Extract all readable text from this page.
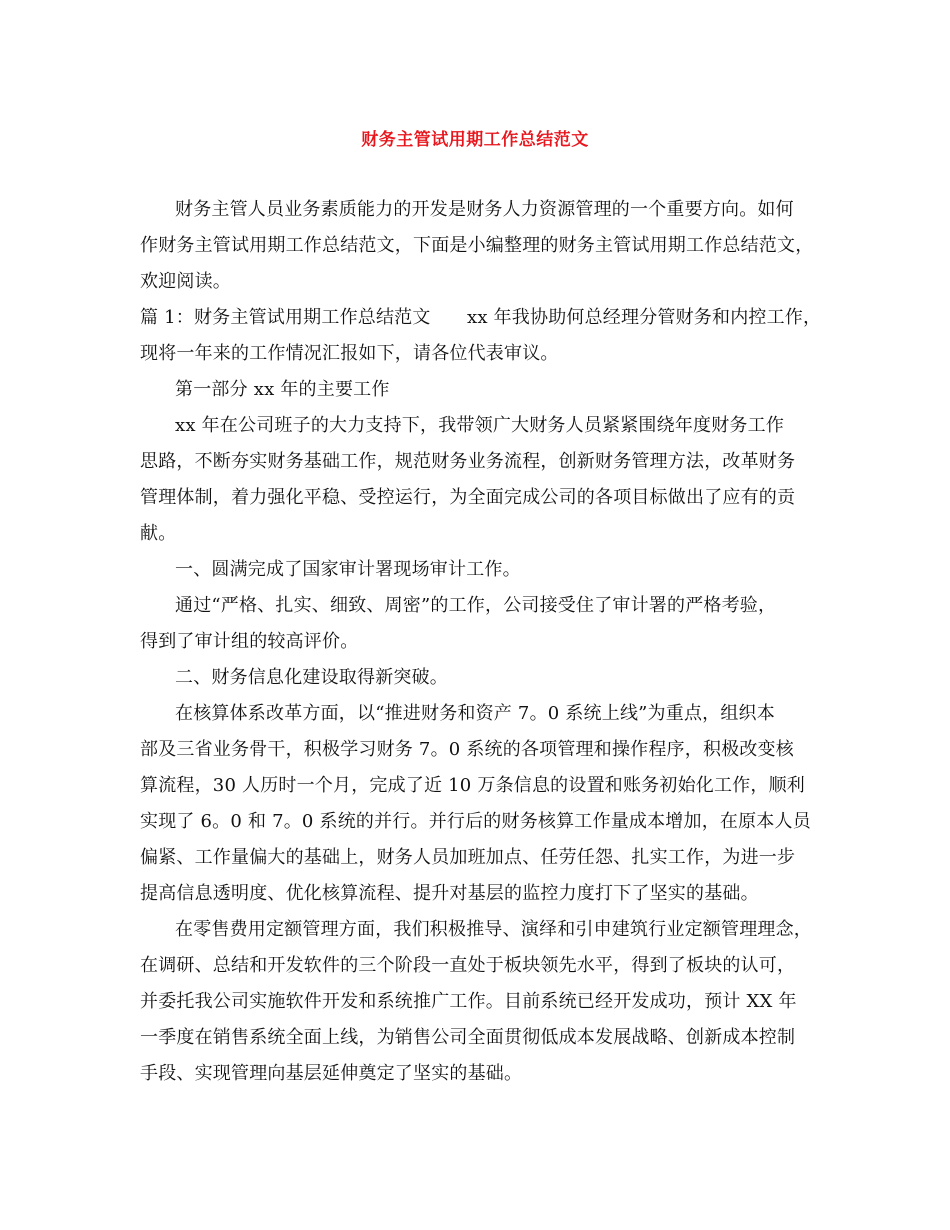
财务主管试用期工作总结范文
财务主管人员业务素质能力的开发是财务人力资源管理的一个重要方向。如何
作财务主管试用期工作总结范文，下面是小编整理的财务主管试用期工作总结范文，
欢迎阅读。
篇 1：财务主管试用期工作总结范文　　xx 年我协助何总经理分管财务和内控工作，
现将一年来的工作情况汇报如下，请各位代表审议。
第一部分 xx 年的主要工作
xx 年在公司班子的大力支持下，我带领广大财务人员紧紧围绕年度财务工作
思路，不断夯实财务基础工作，规范财务业务流程，创新财务管理方法，改革财务
管理体制，着力强化平稳、受控运行，为全面完成公司的各项目标做出了应有的贡
献。
一、圆满完成了国家审计署现场审计工作。
通过“严格、扎实、细致、周密”的工作，公司接受住了审计署的严格考验，
得到了审计组的较高评价。
二、财务信息化建设取得新突破。
在核算体系改革方面，以“推进财务和资产 7。0 系统上线”为重点，组织本
部及三省业务骨干，积极学习财务 7。0 系统的各项管理和操作程序，积极改变核
算流程，30 人历时一个月，完成了近 10 万条信息的设置和账务初始化工作，顺利
实现了 6。0 和 7。0 系统的并行。并行后的财务核算工作量成本增加，在原本人员
偏紧、工作量偏大的基础上，财务人员加班加点、任劳任怨、扎实工作，为进一步
提高信息透明度、优化核算流程、提升对基层的监控力度打下了坚实的基础。
在零售费用定额管理方面，我们积极推导、演绎和引申建筑行业定额管理理念，
在调研、总结和开发软件的三个阶段一直处于板块领先水平，得到了板块的认可，
并委托我公司实施软件开发和系统推广工作。目前系统已经开发成功，预计 XX 年
一季度在销售系统全面上线，为销售公司全面贯彻低成本发展战略、创新成本控制
手段、实现管理向基层延伸奠定了坚实的基础。
